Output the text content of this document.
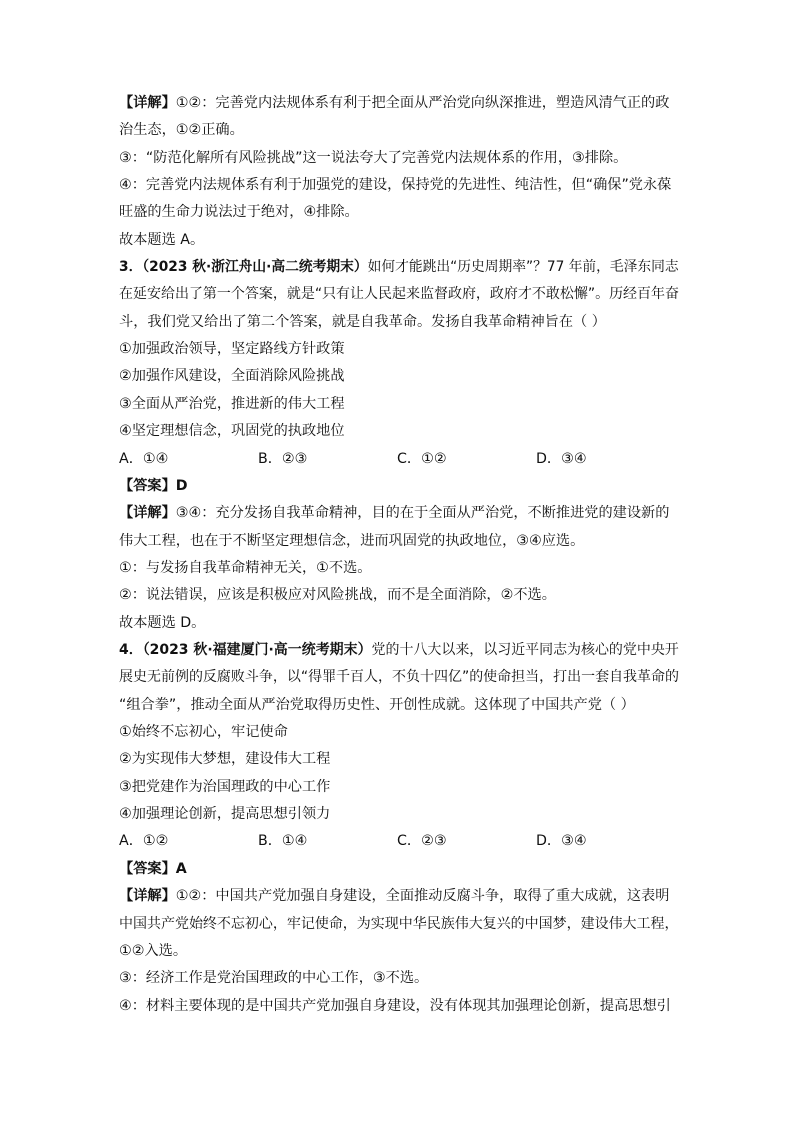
【详解】①②：完善党内法规体系有利于把全面从严治党向纵深推进，塑造风清气正的政
治生态，①②正确。
③：“防范化解所有风险挑战”这一说法夸大了完善党内法规体系的作用，③排除。
④：完善党内法规体系有利于加强党的建设，保持党的先进性、纯洁性，但“确保”党永葆
旺盛的生命力说法过于绝对，④排除。
故本题选 A。
3．（2023 秋·浙江舟山·高二统考期末）如何才能跳出“历史周期率”？77 年前，毛泽东同志
在延安给出了第一个答案，就是“只有让人民起来监督政府，政府才不敢松懈”。历经百年奋
斗，我们党又给出了第二个答案，就是自我革命。发扬自我革命精神旨在（ ）
①加强政治领导，坚定路线方针政策
②加强作风建设，全面消除风险挑战
③全面从严治党，推进新的伟大工程
④坚定理想信念，巩固党的执政地位
A．①④	B．②③	C．①②	D．③④
【答案】D
【详解】③④：充分发扬自我革命精神，目的在于全面从严治党，不断推进党的建设新的
伟大工程，也在于不断坚定理想信念，进而巩固党的执政地位，③④应选。
①：与发扬自我革命精神无关，①不选。
②：说法错误，应该是积极应对风险挑战，而不是全面消除，②不选。
故本题选 D。
4．（2023 秋·福建厦门·高一统考期末）党的十八大以来，以习近平同志为核心的党中央开
展史无前例的反腐败斗争，以“得罪千百人，不负十四亿”的使命担当，打出一套自我革命的
“组合拳”，推动全面从严治党取得历史性、开创性成就。这体现了中国共产党（ ）
①始终不忘初心，牢记使命
②为实现伟大梦想，建设伟大工程
③把党建作为治国理政的中心工作
④加强理论创新，提高思想引领力
A．①②	B．①④	C．②③	D．③④
【答案】A
【详解】①②：中国共产党加强自身建设，全面推动反腐斗争，取得了重大成就，这表明
中国共产党始终不忘初心，牢记使命，为实现中华民族伟大复兴的中国梦，建设伟大工程，
①②入选。
③：经济工作是党治国理政的中心工作，③不选。
④：材料主要体现的是中国共产党加强自身建设，没有体现其加强理论创新，提高思想引
